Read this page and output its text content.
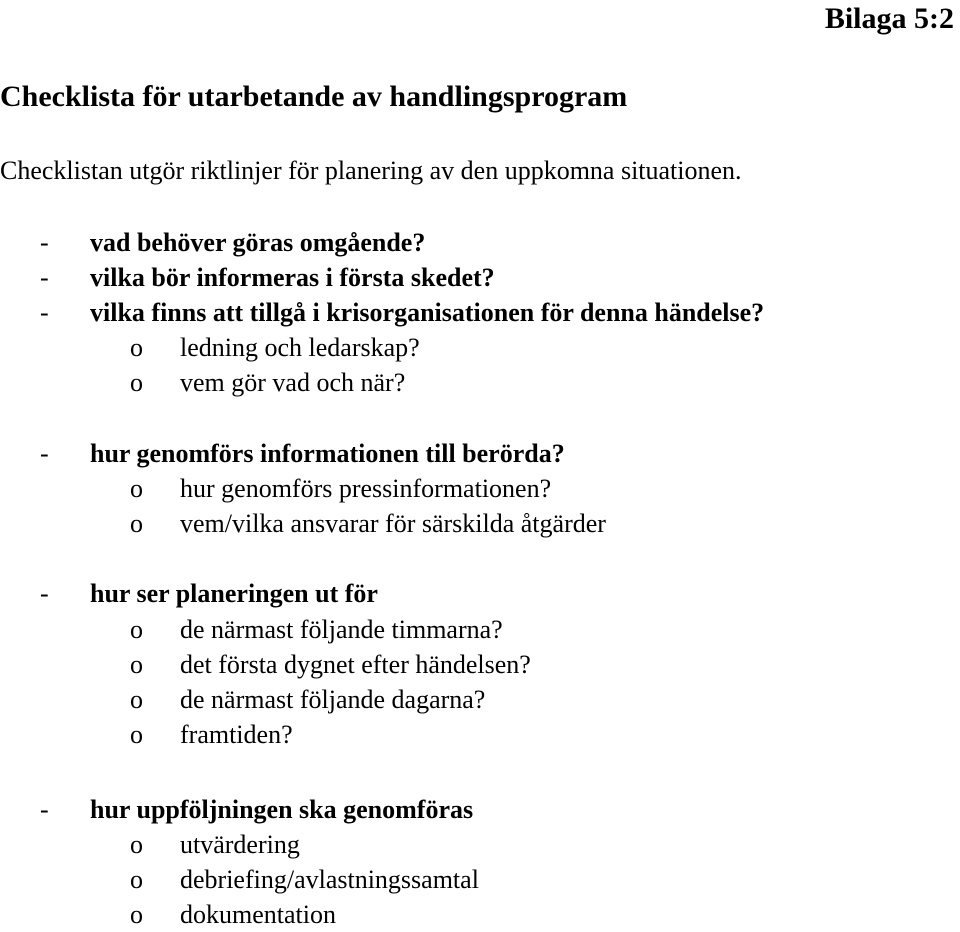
Bilaga 5:2
Checklista för utarbetande av handlingsprogram

Checklistan utgör riktlinjer för planering av den uppkomna situationen.

- vad behöver göras omgående?
- vilka bör informeras i första skedet?
- vilka finns att tillgå i krisorganisationen för denna händelse?
o ledning och ledarskap?
o vem gör vad och när?
- hur genomförs informationen till berörda?
o hur genomförs pressinformationen?
o vem/vilka ansvarar för särskilda åtgärder
- hur ser planeringen ut för
o de närmast följande timmarna?
o det första dygnet efter händelsen?
o de närmast följande dagarna?
o framtiden?
- hur uppföljningen ska genomföras
o utvärdering
o debriefing/avlastningssamtal
o dokumentation
